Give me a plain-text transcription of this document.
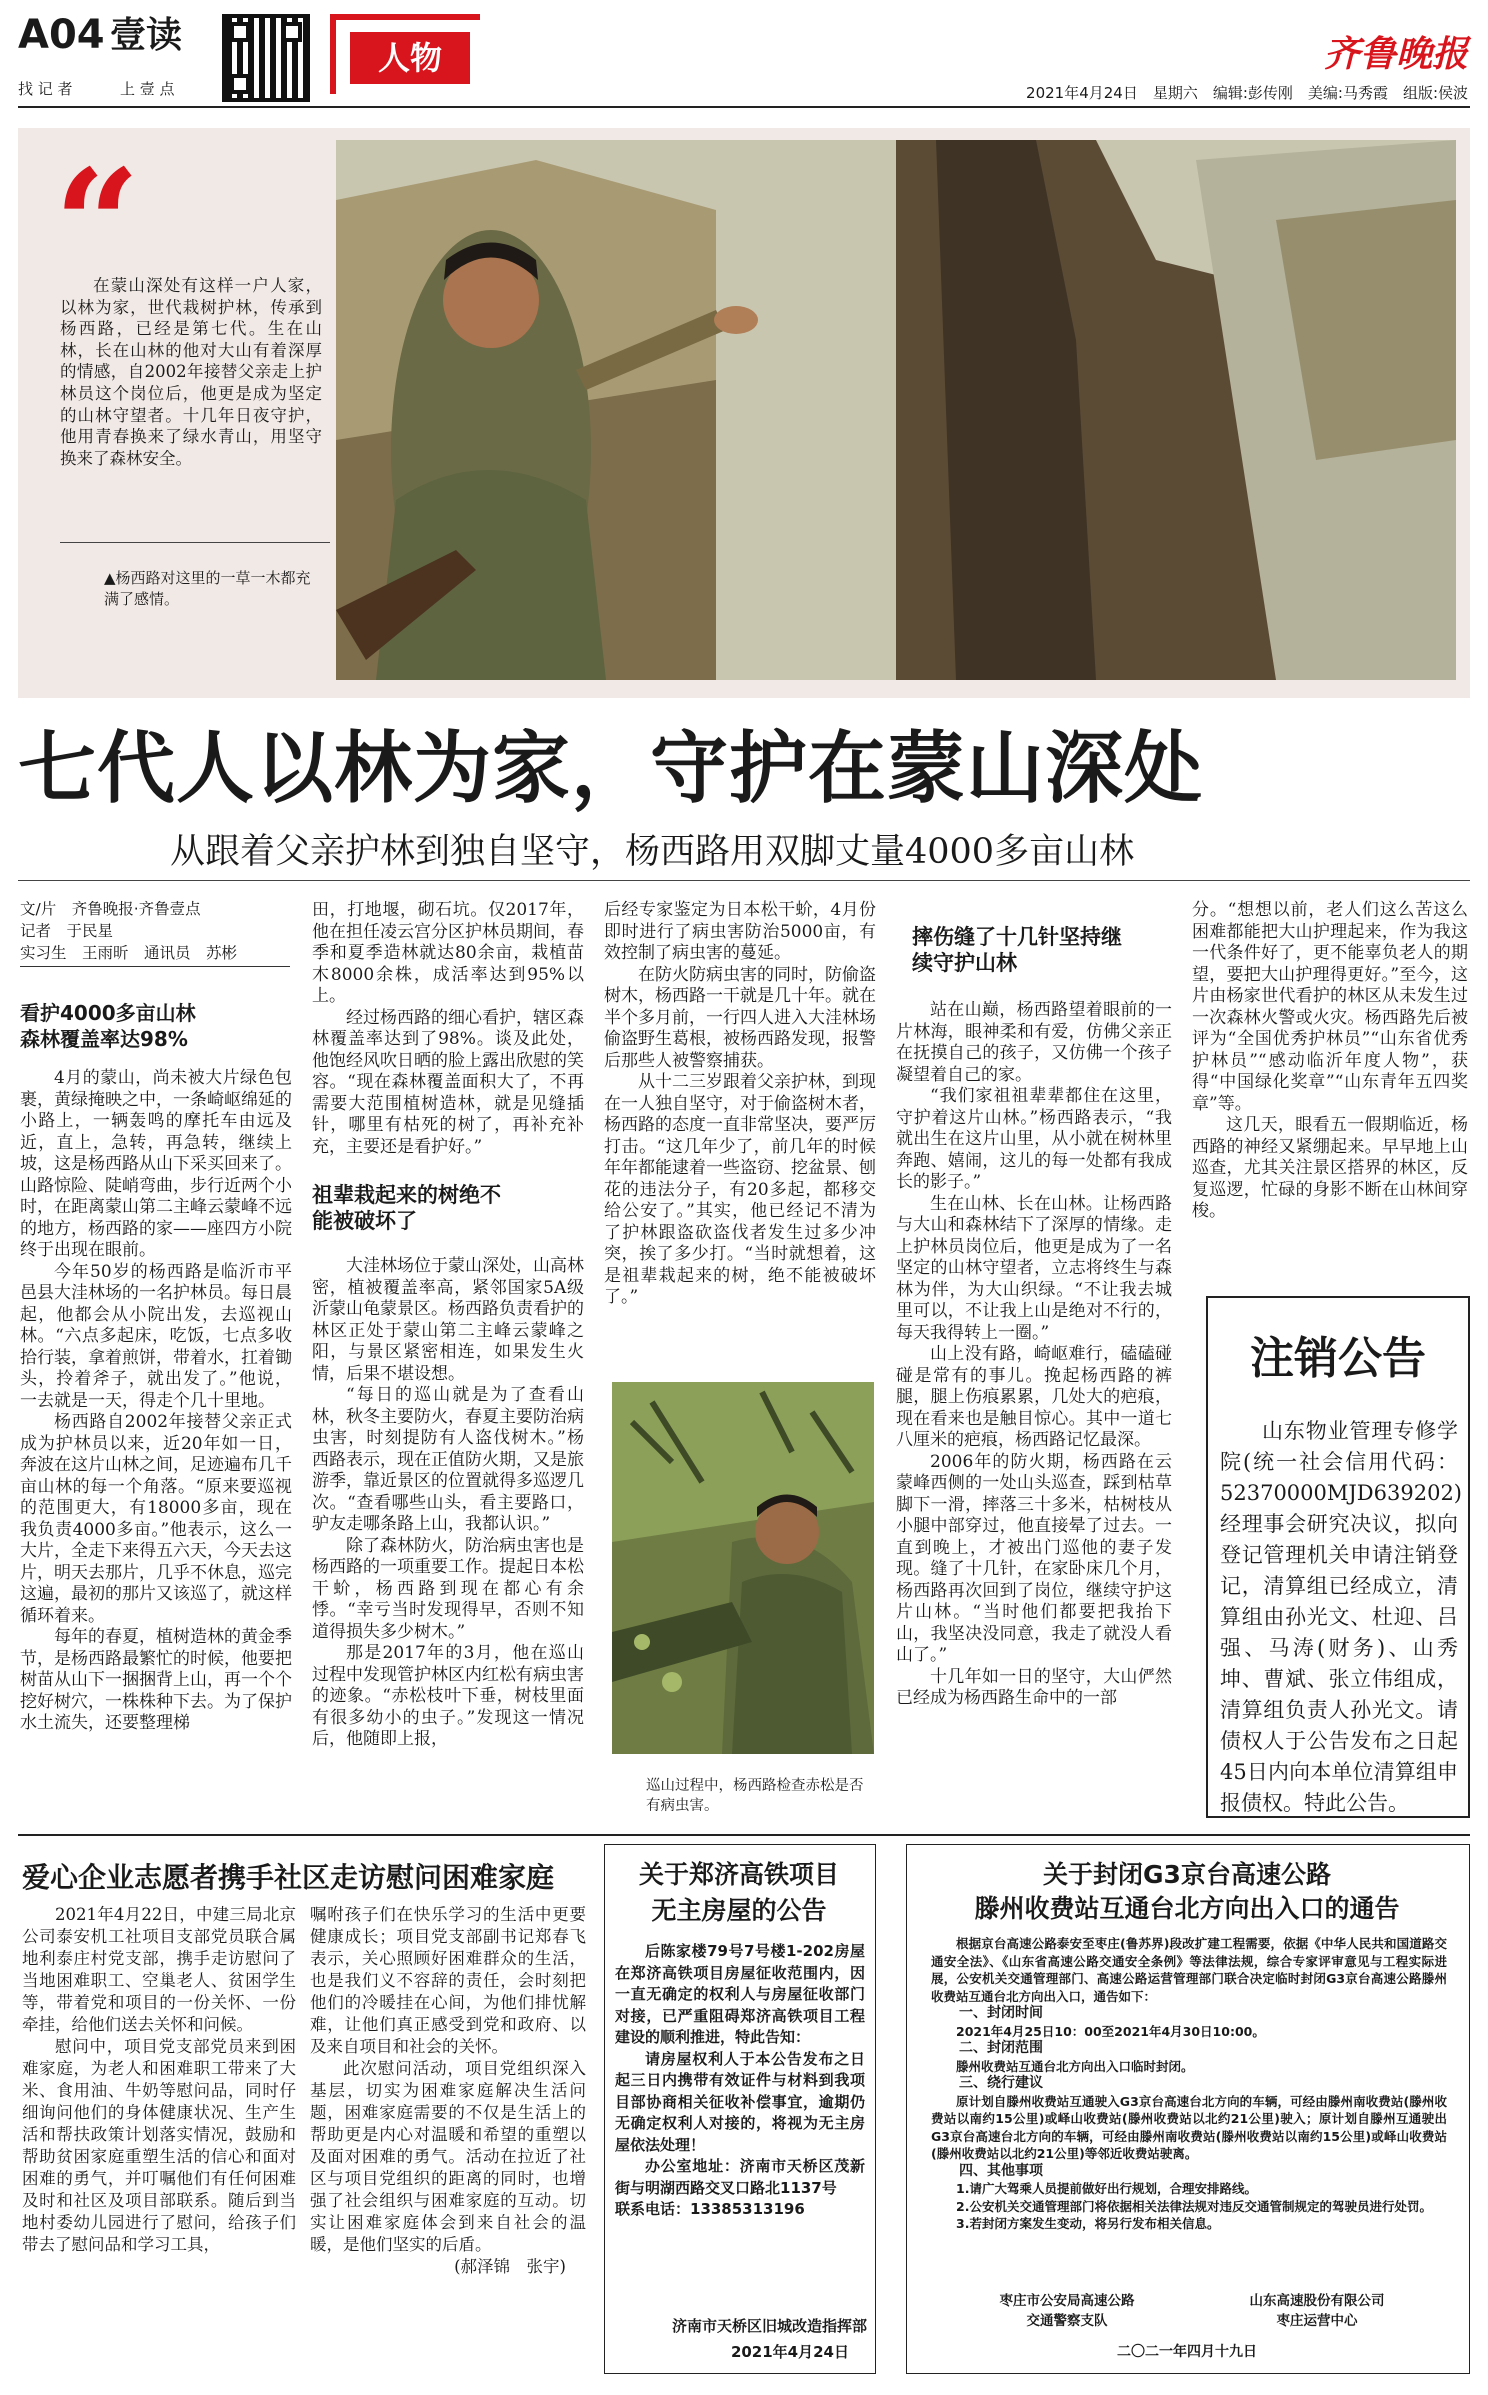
A04 壹读
找 记 者	上 壹 点
人物	齐鲁晚报
2021年4月24日　星期六　编辑:彭传刚　美编:马秀霞　组版:侯波
“
在蒙山深处有这样一户人家，以林为家，世代栽树护林，传承到杨西路，已经是第七代。生在山林，长在山林的他对大山有着深厚的情感，自2002年接替父亲走上护林员这个岗位后，他更是成为坚定的山林守望者。十几年日夜守护，他用青春换来了绿水青山，用坚守换来了森林安全。
▲杨西路对这里的一草一木都充满了感情。
七代人以林为家，守护在蒙山深处
从跟着父亲护林到独自坚守，杨西路用双脚丈量4000多亩山林
文/片　齐鲁晚报·齐鲁壹点
记者　于民星
实习生　王雨昕　通讯员　苏彬
看护4000多亩山林
森林覆盖率达98%

4月的蒙山，尚未被大片绿色包裹，黄绿掩映之中，一条崎岖绵延的小路上，一辆轰鸣的摩托车由远及近，直上，急转，再急转，继续上坡，这是杨西路从山下采买回来了。山路惊险、陡峭弯曲，步行近两个小时，在距离蒙山第二主峰云蒙峰不远的地方，杨西路的家——座四方小院终于出现在眼前。

今年50岁的杨西路是临沂市平邑县大洼林场的一名护林员。每日晨起，他都会从小院出发，去巡视山林。“六点多起床，吃饭，七点多收拾行装，拿着煎饼，带着水，扛着锄头，拎着斧子，就出发了。”他说，一去就是一天，得走个几十里地。

杨西路自2002年接替父亲正式成为护林员以来，近20年如一日，奔波在这片山林之间，足迹遍布几千亩山林的每一个角落。“原来要巡视的范围更大，有18000多亩，现在我负责4000多亩。”他表示，这么一大片，全走下来得五六天，今天去这片，明天去那片，几乎不休息，巡完这遍，最初的那片又该巡了，就这样循环着来。

每年的春夏，植树造林的黄金季节，是杨西路最繁忙的时候，他要把树苗从山下一捆捆背上山，再一个个挖好树穴，一株株种下去。为了保护水土流失，还要整理梯

田，打地堰，砌石坑。仅2017年，他在担任凌云宫分区护林员期间，春季和夏季造林就达80余亩，栽植苗木8000余株，成活率达到95%以上。

经过杨西路的细心看护，辖区森林覆盖率达到了98%。谈及此处，他饱经风吹日晒的脸上露出欣慰的笑容。“现在森林覆盖面积大了，不再需要大范围植树造林，就是见缝插针，哪里有枯死的树了，再补充补充，主要还是看护好。”

祖辈栽起来的树绝不能被破坏了

大洼林场位于蒙山深处，山高林密，植被覆盖率高，紧邻国家5A级沂蒙山龟蒙景区。杨西路负责看护的林区正处于蒙山第二主峰云蒙峰之阳，与景区紧密相连，如果发生火情，后果不堪设想。

“每日的巡山就是为了查看山林，秋冬主要防火，春夏主要防治病虫害，时刻提防有人盗伐树木。”杨西路表示，现在正值防火期，又是旅游季，靠近景区的位置就得多巡逻几次。“查看哪些山头，看主要路口，驴友走哪条路上山，我都认识。”

除了森林防火，防治病虫害也是杨西路的一项重要工作。提起日本松干蚧，杨西路到现在都心有余悸。“幸亏当时发现得早，否则不知道得损失多少树木。”

那是2017年的3月，他在巡山过程中发现管护林区内红松有病虫害的迹象。“赤松枝叶下垂，树枝里面有很多幼小的虫子。”发现这一情况后，他随即上报，

后经专家鉴定为日本松干蚧，4月份即时进行了病虫害防治5000亩，有效控制了病虫害的蔓延。

在防火防病虫害的同时，防偷盗树木，杨西路一干就是几十年。就在半个多月前，一行四人进入大洼林场偷盗野生葛根，被杨西路发现，报警后那些人被警察捕获。

从十二三岁跟着父亲护林，到现在一人独自坚守，对于偷盗树木者，杨西路的态度一直非常坚决，要严厉打击。“这几年少了，前几年的时候年年都能逮着一些盗窃、挖盆景、刨花的违法分子，有20多起，都移交给公安了。”其实，他已经记不清为了护林跟盗砍盗伐者发生过多少冲突，挨了多少打。“当时就想着，这是祖辈栽起来的树，绝不能被破坏了。”

巡山过程中，杨西路检查赤松是否有病虫害。
摔伤缝了十几针坚持继续守护山林

站在山巅，杨西路望着眼前的一片林海，眼神柔和有爱，仿佛父亲正在抚摸自己的孩子，又仿佛一个孩子凝望着自己的家。

“我们家祖祖辈辈都住在这里，守护着这片山林。”杨西路表示，“我就出生在这片山里，从小就在树林里奔跑、嬉闹，这儿的每一处都有我成长的影子。”

生在山林、长在山林。让杨西路与大山和森林结下了深厚的情缘。走上护林员岗位后，他更是成为了一名坚定的山林守望者，立志将终生与森林为伴，为大山织绿。“不让我去城里可以，不让我上山是绝对不行的，每天我得转上一圈。”

山上没有路，崎岖难行，磕磕碰碰是常有的事儿。挽起杨西路的裤腿，腿上伤痕累累，几处大的疤痕，现在看来也是触目惊心。其中一道七八厘米的疤痕，杨西路记忆最深。

2006年的防火期，杨西路在云蒙峰西侧的一处山头巡查，踩到枯草脚下一滑，摔落三十多米，枯树枝从小腿中部穿过，他直接晕了过去。一直到晚上，才被出门巡他的妻子发现。缝了十几针，在家卧床几个月，杨西路再次回到了岗位，继续守护这片山林。“当时他们都要把我抬下山，我坚决没同意，我走了就没人看山了。”

十几年如一日的坚守，大山俨然已经成为杨西路生命中的一部

分。“想想以前，老人们这么苦这么困难都能把大山护理起来，作为我这一代条件好了，更不能辜负老人的期望，要把大山护理得更好。”至今，这片由杨家世代看护的林区从未发生过一次森林火警或火灾。杨西路先后被评为“全国优秀护林员”“山东省优秀护林员”“感动临沂年度人物”，获得“中国绿化奖章”“山东青年五四奖章”等。

这几天，眼看五一假期临近，杨西路的神经又紧绷起来。早早地上山巡查，尤其关注景区搭界的林区，反复巡逻，忙碌的身影不断在山林间穿梭。

注销公告
山东物业管理专修学院(统一社会信用代码：52370000MJD639202)经理事会研究决议，拟向登记管理机关申请注销登记，清算组已经成立，清算组由孙光文、杜迎、吕强、马涛(财务)、山秀坤、曹斌、张立伟组成，清算组负责人孙光文。请债权人于公告发布之日起45日内向本单位清算组申报债权。特此公告。
爱心企业志愿者携手社区走访慰问困难家庭

2021年4月22日，中建三局北京公司泰安机工社项目支部党员联合属地利泰庄村党支部，携手走访慰问了当地困难职工、空巢老人、贫困学生等，带着党和项目的一份关怀、一份牵挂，给他们送去关怀和问候。

慰问中，项目党支部党员来到困难家庭，为老人和困难职工带来了大米、食用油、牛奶等慰问品，同时仔细询问他们的身体健康状况、生产生活和帮扶政策计划落实情况，鼓励和帮助贫困家庭重塑生活的信心和面对困难的勇气，并叮嘱他们有任何困难及时和社区及项目部联系。随后到当地村委幼儿园进行了慰问，给孩子们带去了慰问品和学习工具，

嘱咐孩子们在快乐学习的生活中更要健康成长；项目党支部副书记郑春飞表示，关心照顾好困难群众的生活，也是我们义不容辞的责任，会时刻把他们的冷暖挂在心间，为他们排忧解难，让他们真正感受到党和政府、以及来自项目和社会的关怀。

此次慰问活动，项目党组织深入基层，切实为困难家庭解决生活问题，困难家庭需要的不仅是生活上的帮助更是内心对温暖和希望的重塑以及面对困难的勇气。活动在拉近了社区与项目党组织的距离的同时，也增强了社会组织与困难家庭的互动。切实让困难家庭体会到来自社会的温暖，是他们坚实的后盾。

(郝泽锦　张宇)
关于郑济高铁项目
无主房屋的公告

后陈家楼79号7号楼1-202房屋在郑济高铁项目房屋征收范围内，因一直无确定的权利人与房屋征收部门对接，已严重阻碍郑济高铁项目工程建设的顺利推进，特此告知：

请房屋权利人于本公告发布之日起三日内携带有效证件与材料到我项目部协商相关征收补偿事宜，逾期仍无确定权利人对接的，将视为无主房屋依法处理！

办公室地址：济南市天桥区茂新街与明湖西路交叉口路北1137号

联系电话：13385313196

济南市天桥区旧城改造指挥部
2021年4月24日
关于封闭G3京台高速公路
滕州收费站互通台北方向出入口的通告

根据京台高速公路泰安至枣庄(鲁苏界)段改扩建工程需要，依据《中华人民共和国道路交通安全法》、《山东省高速公路交通安全条例》等法律法规，综合专家评审意见与工程实际进展，公安机关交通管理部门、高速公路运营管理部门联合决定临时封闭G3京台高速公路滕州收费站互通台北方向出入口，通告如下：

一、封闭时间

2021年4月25日10：00至2021年4月30日10:00。

二、封闭范围

滕州收费站互通台北方向出入口临时封闭。

三、绕行建议

原计划自滕州收费站互通驶入G3京台高速台北方向的车辆，可经由滕州南收费站(滕州收费站以南约15公里)或峄山收费站(滕州收费站以北约21公里)驶入；原计划自滕州互通驶出G3京台高速台北方向的车辆，可经由滕州南收费站(滕州收费站以南约15公里)或峄山收费站(滕州收费站以北约21公里)等邻近收费站驶离。

四、其他事项

1.请广大驾乘人员提前做好出行规划，合理安排路线。

2.公安机关交通管理部门将依据相关法律法规对违反交通管制规定的驾驶员进行处罚。

3.若封闭方案发生变动，将另行发布相关信息。

枣庄市公安局高速公路
交通警察支队
山东高速股份有限公司
枣庄运营中心
二〇二一年四月十九日
